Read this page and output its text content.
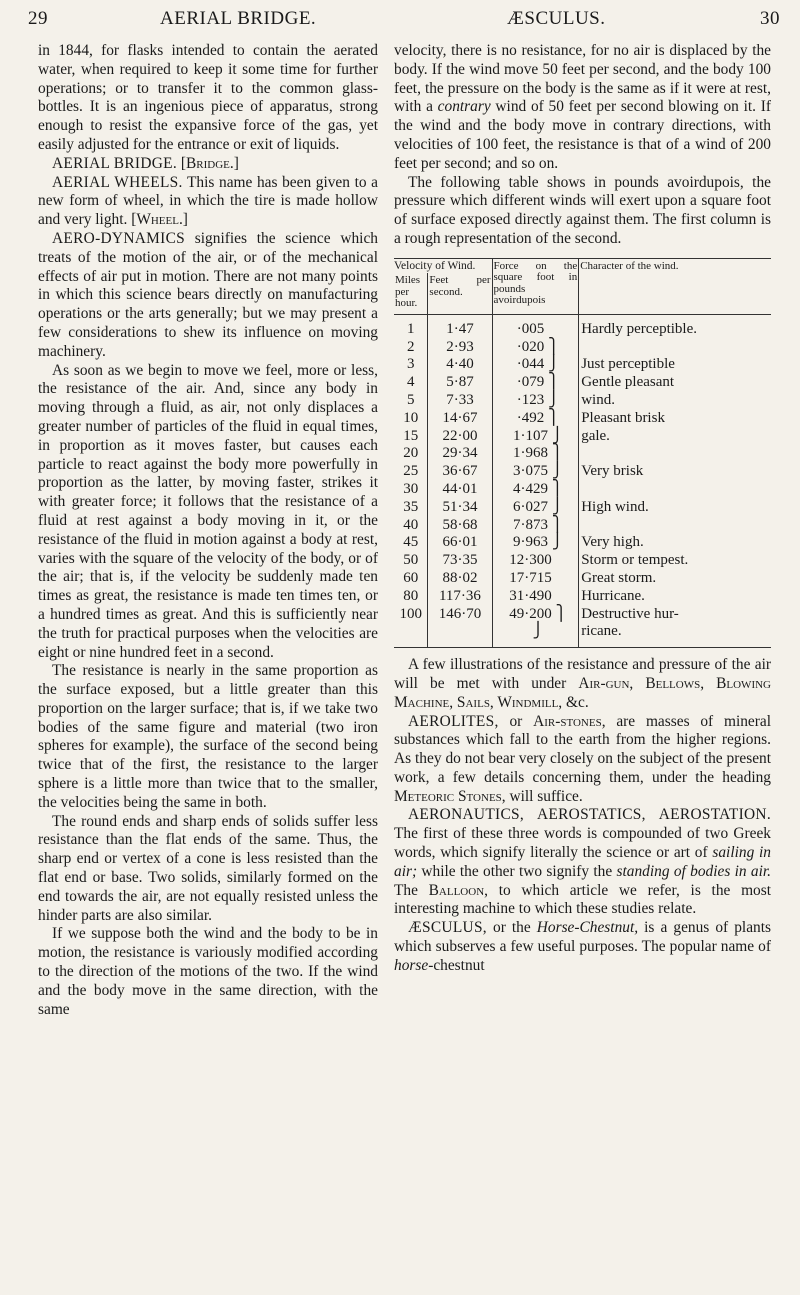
29	AERIAL BRIDGE.	ÆSCULUS.	30

in 1844, for flasks intended to contain the aerated water, when required to keep it some time for further operations; or to transfer it to the common glass-bottles. It is an ingenious piece of apparatus, strong enough to resist the expansive force of the gas, yet easily adjusted for the entrance or exit of liquids.

AERIAL BRIDGE. [Bridge.]

AERIAL WHEELS. This name has been given to a new form of wheel, in which the tire is made hollow and very light. [Wheel.]

AERO-DYNAMICS signifies the science which treats of the motion of the air, or of the mechanical effects of air put in motion. There are not many points in which this science bears directly on manufacturing operations or the arts generally; but we may present a few considerations to shew its influence on moving machinery.

As soon as we begin to move we feel, more or less, the resistance of the air. And, since any body in moving through a fluid, as air, not only displaces a greater number of particles of the fluid in equal times, in proportion as it moves faster, but causes each particle to react against the body more powerfully in proportion as the latter, by moving faster, strikes it with greater force; it follows that the resistance of a fluid at rest against a body moving in it, or the resistance of the fluid in motion against a body at rest, varies with the square of the velocity of the body, or of the air; that is, if the velocity be suddenly made ten times as great, the resistance is made ten times ten, or a hundred times as great. And this is sufficiently near the truth for practical purposes when the velocities are eight or nine hundred feet in a second.

The resistance is nearly in the same proportion as the surface exposed, but a little greater than this proportion on the larger surface; that is, if we take two bodies of the same figure and material (two iron spheres for example), the surface of the second being twice that of the first, the resistance to the larger sphere is a little more than twice that to the smaller, the velocities being the same in both.

The round ends and sharp ends of solids suffer less resistance than the flat ends of the same. Thus, the sharp end or vertex of a cone is less resisted than the flat end or base. Two solids, similarly formed on the end towards the air, are not equally resisted unless the hinder parts are also similar.

If we suppose both the wind and the body to be in motion, the resistance is variously modified according to the direction of the motions of the two. If the wind and the body move in the same direction, with the same

velocity, there is no resistance, for no air is displaced by the body. If the wind move 50 feet per second, and the body 100 feet, the pressure on the body is the same as if it were at rest, with a contrary wind of 50 feet per second blowing on it. If the wind and the body move in contrary directions, with velocities of 100 feet, the resistance is that of a wind of 200 feet per second; and so on.

The following table shows in pounds avoirdupois, the pressure which different winds will exert upon a square foot of surface exposed directly against them. The first column is a rough representation of the second.

Velocity of Wind.		Force on the square foot in pounds avoirdupois	Character of the wind.
Miles per hour.	Feet per second.		
1	1·47	·005	Hardly perceptible.
2	2·93	·020 ⎫	
3	4·40	·044 ⎭	Just perceptible
4	5·87	·079 ⎫	Gentle pleasant
5	7·33	·123 ⎭	wind.
10	14·67	·492 ⎫	Pleasant brisk
15	22·00	1·107 ⎭	gale.
20	29·34	1·968 ⎫	
25	36·67	3·075 ⎭	Very brisk
30	44·01	4·429 ⎫	
35	51·34	6·027 ⎭	High wind.
40	58·68	7·873 ⎫	
45	66·01	9·963 ⎭	Very high.
50	73·35	12·300	Storm or tempest.
60	88·02	17·715	Great storm.
80	117·36	31·490	Hurricane.
100	146·70	49·200 ⎫	Destructive hur-
		⎭	ricane.

A few illustrations of the resistance and pressure of the air will be met with under Air-gun, Bellows, Blowing Machine, Sails, Windmill, &c.

AEROLITES, or Air-stones, are masses of mineral substances which fall to the earth from the higher regions. As they do not bear very closely on the subject of the present work, a few details concerning them, under the heading Meteoric Stones, will suffice.

AERONAUTICS, AEROSTATICS, AEROSTATION. The first of these three words is compounded of two Greek words, which signify literally the science or art of sailing in air; while the other two signify the standing of bodies in air. The Balloon, to which article we refer, is the most interesting machine to which these studies relate.

ÆSCULUS, or the Horse-Chestnut, is a genus of plants which subserves a few useful purposes. The popular name of horse-chestnut
